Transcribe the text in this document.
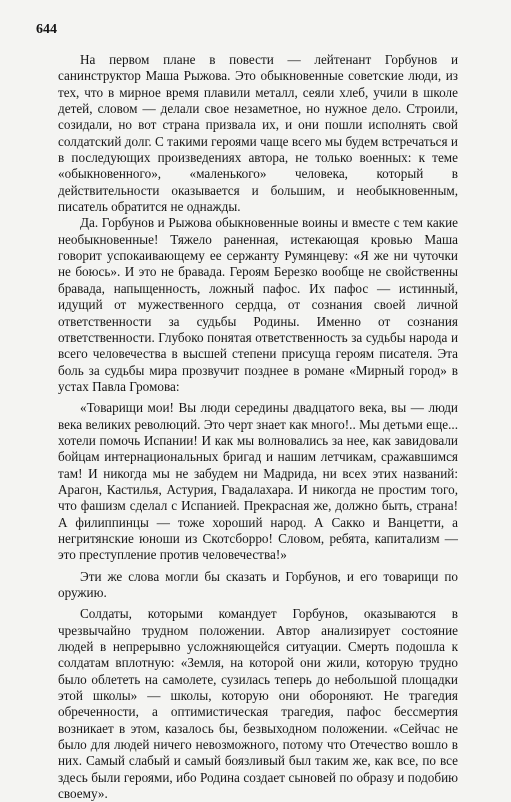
644

На первом плане в повести — лейтенант Горбунов и санинструктор Маша Рыжова. Это обыкновенные советские люди, из тех, что в мирное время плавили металл, сеяли хлеб, учили в школе детей, словом — делали свое незаметное, но нужное дело. Строили, созидали, но вот страна призвала их, и они пошли исполнять свой солдатский долг. С такими героями чаще всего мы будем встречаться и в последующих произведениях автора, не только военных: к теме «обыкновенного», «маленького» человека, который в действительности оказывается и большим, и необыкновенным, писатель обратится не однажды.

Да. Горбунов и Рыжова обыкновенные воины и вместе с тем какие необыкновенные! Тяжело раненная, истекающая кровью Маша говорит успокаивающему ее сержанту Румянцеву: «Я же ни чуточки не боюсь». И это не бравада. Героям Березко вообще не свойственны бравада, напыщенность, ложный пафос. Их пафос — истинный, идущий от мужественного сердца, от сознания своей личной ответственности за судьбы Родины. Именно от сознания ответственности. Глубоко понятая ответственность за судьбы народа и всего человечества в высшей степени присуща героям писателя. Эта боль за судьбы мира прозвучит позднее в романе «Мирный город» в устах Павла Громова:

«Товарищи мои! Вы люди середины двадцатого века, вы — люди века великих революций. Это черт знает как много!.. Мы детьми еще... хотели помочь Испании! И как мы волновались за нее, как завидовали бойцам интернациональных бригад и нашим летчикам, сражавшимся там! И никогда мы не забудем ни Мадрида, ни всех этих названий: Арагон, Кастилья, Астурия, Гвадалахара. И никогда не простим того, что фашизм сделал с Испанией. Прекрасная же, должно быть, страна! А филиппинцы — тоже хороший народ. А Сакко и Ванцетти, а негритянские юноши из Скотсборро! Словом, ребята, капитализм — это преступление против человечества!»

Эти же слова могли бы сказать и Горбунов, и его товарищи по оружию.

Солдаты, которыми командует Горбунов, оказываются в чрезвычайно трудном положении. Автор анализирует состояние людей в непрерывно усложняющейся ситуации. Смерть подошла к солдатам вплотную: «Земля, на которой они жили, которую трудно было облететь на самолете, сузилась теперь до небольшой площадки этой школы» — школы, которую они обороняют. Не трагедия обреченности, а оптимистическая трагедия, пафос бессмертия возникает в этом, казалось бы, безвыходном положении. «Сейчас не было для людей ничего невозможного, потому что Отечество вошло в них. Самый слабый и самый боязливый был таким же, как все, по все здесь были героями, ибо Родина создает сыновей по образу и подобию своему».
